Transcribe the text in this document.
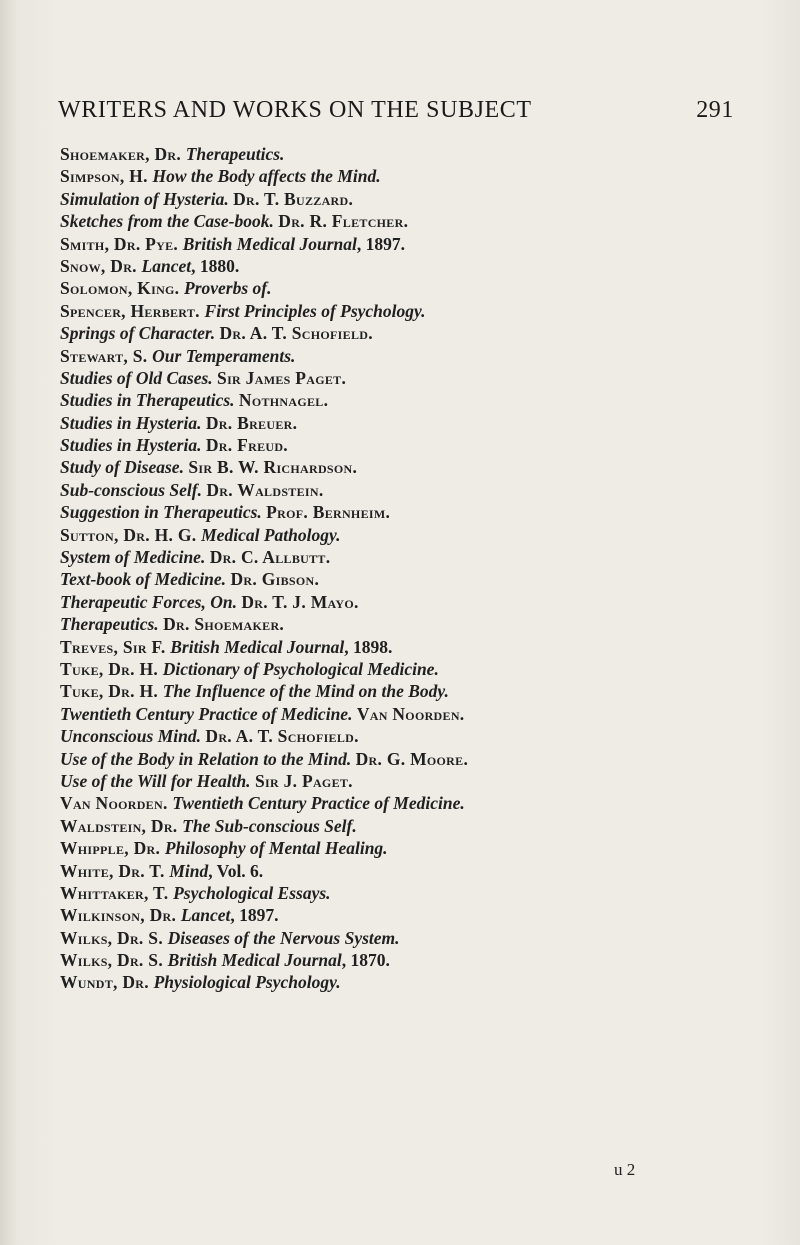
WRITERS AND WORKS ON THE SUBJECT	291
Shoemaker, Dr. Therapeutics.
Simpson, H. How the Body affects the Mind.
Simulation of Hysteria. Dr. T. Buzzard.
Sketches from the Case-book. Dr. R. Fletcher.
Smith, Dr. Pye. British Medical Journal, 1897.
Snow, Dr. Lancet, 1880.
Solomon, King. Proverbs of.
Spencer, Herbert. First Principles of Psychology.
Springs of Character. Dr. A. T. Schofield.
Stewart, S. Our Temperaments.
Studies of Old Cases. Sir James Paget.
Studies in Therapeutics. Nothnagel.
Studies in Hysteria. Dr. Breuer.
Studies in Hysteria. Dr. Freud.
Study of Disease. Sir B. W. Richardson.
Sub-conscious Self. Dr. Waldstein.
Suggestion in Therapeutics. Prof. Bernheim.
Sutton, Dr. H. G. Medical Pathology.
System of Medicine. Dr. C. Allbutt.
Text-book of Medicine. Dr. Gibson.
Therapeutic Forces, On. Dr. T. J. Mayo.
Therapeutics. Dr. Shoemaker.
Treves, Sir F. British Medical Journal, 1898.
Tuke, Dr. H. Dictionary of Psychological Medicine.
Tuke, Dr. H. The Influence of the Mind on the Body.
Twentieth Century Practice of Medicine. Van Noorden.
Unconscious Mind. Dr. A. T. Schofield.
Use of the Body in Relation to the Mind. Dr. G. Moore.
Use of the Will for Health. Sir J. Paget.
Van Noorden. Twentieth Century Practice of Medicine.
Waldstein, Dr. The Sub-conscious Self.
Whipple, Dr. Philosophy of Mental Healing.
White, Dr. T. Mind, Vol. 6.
Whittaker, T. Psychological Essays.
Wilkinson, Dr. Lancet, 1897.
Wilks, Dr. S. Diseases of the Nervous System.
Wilks, Dr. S. British Medical Journal, 1870.
Wundt, Dr. Physiological Psychology.
u 2
